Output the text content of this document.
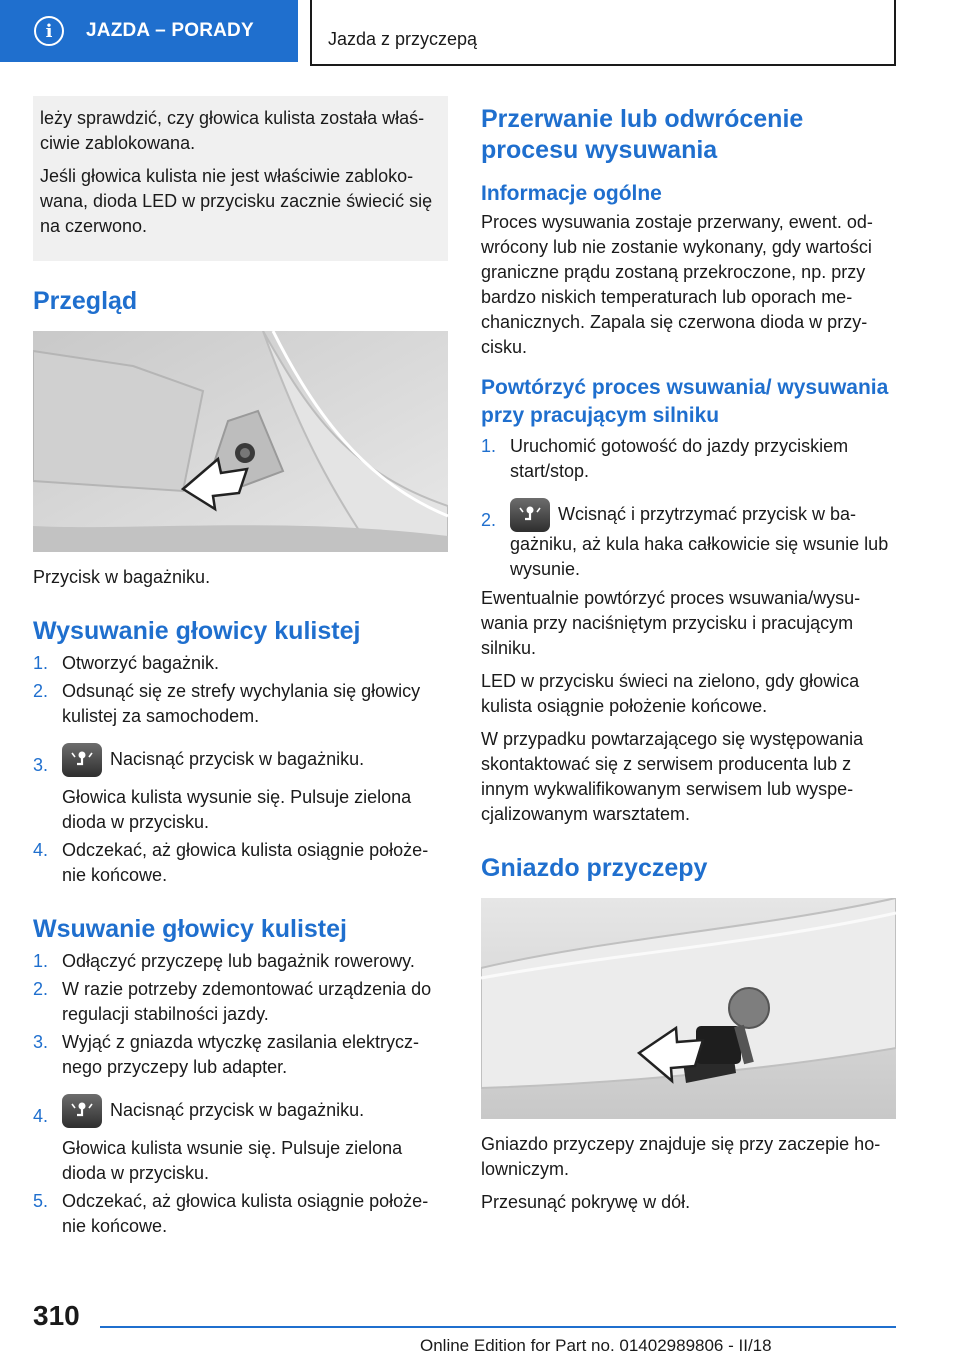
i	JAZDA – PORADY	Jazda z przyczepą

leży sprawdzić, czy głowica kulista została właś‐ciwie zablokowana.

Jeśli głowica kulista nie jest właściwie zabloko‐wana, dioda LED w przycisku zacznie świecić się na czerwono.

Przegląd

Przycisk w bagażniku.

Wysuwanie głowicy kulistej
1. Otworzyć bagażnik.
2. Odsunąć się ze strefy wychylania się głowicy kulistej za samochodem.
3.	Nacisnąć przycisk w bagażniku.

Głowica kulista wysunie się. Pulsuje zielona dioda w przycisku.
4. Odczekać, aż głowica kulista osiągnie położe‐nie końcowe.
Wsuwanie głowicy kulistej
1. Odłączyć przyczepę lub bagażnik rowerowy.
2. W razie potrzeby zdemontować urządzenia do regulacji stabilności jazdy.
3. Wyjąć z gniazda wtyczkę zasilania elektrycz‐nego przyczepy lub adapter.
4.	Nacisnąć przycisk w bagażniku.

Głowica kulista wsunie się. Pulsuje zielona dioda w przycisku.
5. Odczekać, aż głowica kulista osiągnie położe‐nie końcowe.
Przerwanie lub odwrócenie procesu wysuwania
Informacje ogólne

Proces wysuwania zostaje przerwany, ewent. od‐wrócony lub nie zostanie wykonany, gdy wartości graniczne prądu zostaną przekroczone, np. przy bardzo niskich temperaturach lub oporach me‐chanicznych. Zapala się czerwona dioda w przy‐cisku.

Powtórzyć proces wsuwania/ wysuwania przy pracującym silniku
1. Uruchomić gotowość do jazdy przyciskiem start/stop.
2.	Wcisnąć i przytrzymać przycisk w ba‐gażniku, aż kula haka całkowicie się wsunie lub wysunie.

Ewentualnie powtórzyć proces wsuwania/wysu‐wania przy naciśniętym przycisku i pracującym silniku.

LED w przycisku świeci na zielono, gdy głowica kulista osiągnie położenie końcowe.

W przypadku powtarzającego się występowania skontaktować się z serwisem producenta lub z innym wykwalifikowanym serwisem lub wyspe‐cjalizowanym warsztatem.

Gniazdo przyczepy

Gniazdo przyczepy znajduje się przy zaczepie ho‐lowniczym.

Przesunąć pokrywę w dół.

310
Online Edition for Part no. 01402989806 - II/18
